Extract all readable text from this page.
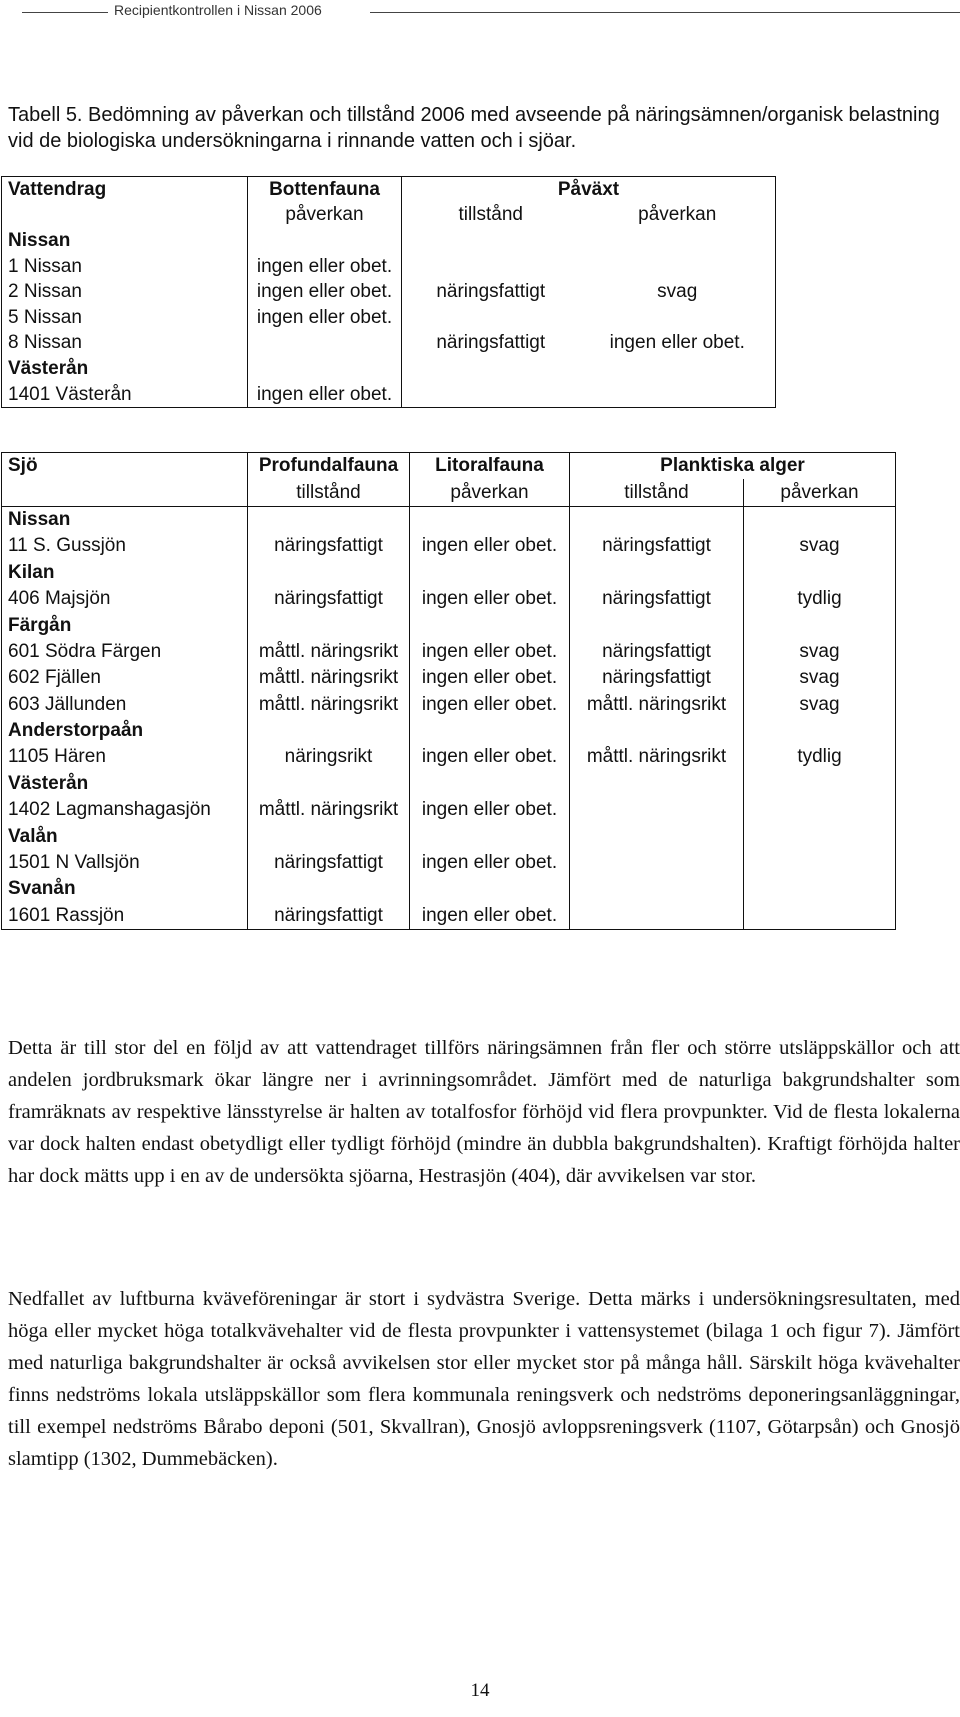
Recipientkontrollen i Nissan 2006
Tabell 5. Bedömning av påverkan och tillstånd 2006 med avseende på näringsämnen/organisk belastning vid de biologiska undersökningarna i rinnande vatten och i sjöar.
Vattendrag	Bottenfauna	Påväxt	
	påverkan	tillstånd	påverkan
Nissan			
1 Nissan	ingen eller obet.		
2 Nissan	ingen eller obet.	näringsfattigt	svag
5 Nissan	ingen eller obet.		
8 Nissan		näringsfattigt	ingen eller obet.
Västerån			
1401 Västerån	ingen eller obet.		
Sjö	Profundalfauna	Litoralfauna	Planktiska alger	
	tillstånd	påverkan	tillstånd	påverkan
Nissan				
11 S. Gussjön	näringsfattigt	ingen eller obet.	näringsfattigt	svag
Kilan				
406 Majsjön	näringsfattigt	ingen eller obet.	näringsfattigt	tydlig
Färgån				
601 Södra Färgen	måttl. näringsrikt	ingen eller obet.	näringsfattigt	svag
602 Fjällen	måttl. näringsrikt	ingen eller obet.	näringsfattigt	svag
603 Jällunden	måttl. näringsrikt	ingen eller obet.	måttl. näringsrikt	svag
Anderstorpaån				
1105 Hären	näringsrikt	ingen eller obet.	måttl. näringsrikt	tydlig
Västerån				
1402 Lagmanshagasjön	måttl. näringsrikt	ingen eller obet.		
Valån				
1501 N Vallsjön	näringsfattigt	ingen eller obet.		
Svanån				
1601 Rassjön	näringsfattigt	ingen eller obet.		

Detta är till stor del en följd av att vattendraget tillförs näringsämnen från fler och större utsläppskällor och att andelen jordbruksmark ökar längre ner i avrinningsområdet. Jämfört med de naturliga bakgrundshalter som framräknats av respektive länsstyrelse är halten av totalfosfor förhöjd vid flera provpunkter. Vid de flesta lokalerna var dock halten endast obetydligt eller tydligt förhöjd (mindre än dubbla bakgrundshalten). Kraftigt förhöjda halter har dock mätts upp i en av de undersökta sjöarna, Hestrasjön (404), där avvikelsen var stor.

Nedfallet av luftburna kväveföreningar är stort i sydvästra Sverige. Detta märks i undersökningsresultaten, med höga eller mycket höga totalkvävehalter vid de flesta provpunkter i vattensystemet (bilaga 1 och figur 7). Jämfört med naturliga bakgrundshalter är också avvikelsen stor eller mycket stor på många håll. Särskilt höga kvävehalter finns nedströms lokala utsläppskällor som flera kommunala reningsverk och nedströms deponeringsanläggningar, till exempel nedströms Bårabo deponi (501, Skvallran), Gnosjö avloppsreningsverk (1107, Götarpsån) och Gnosjö slamtipp (1302, Dummebäcken).

14
